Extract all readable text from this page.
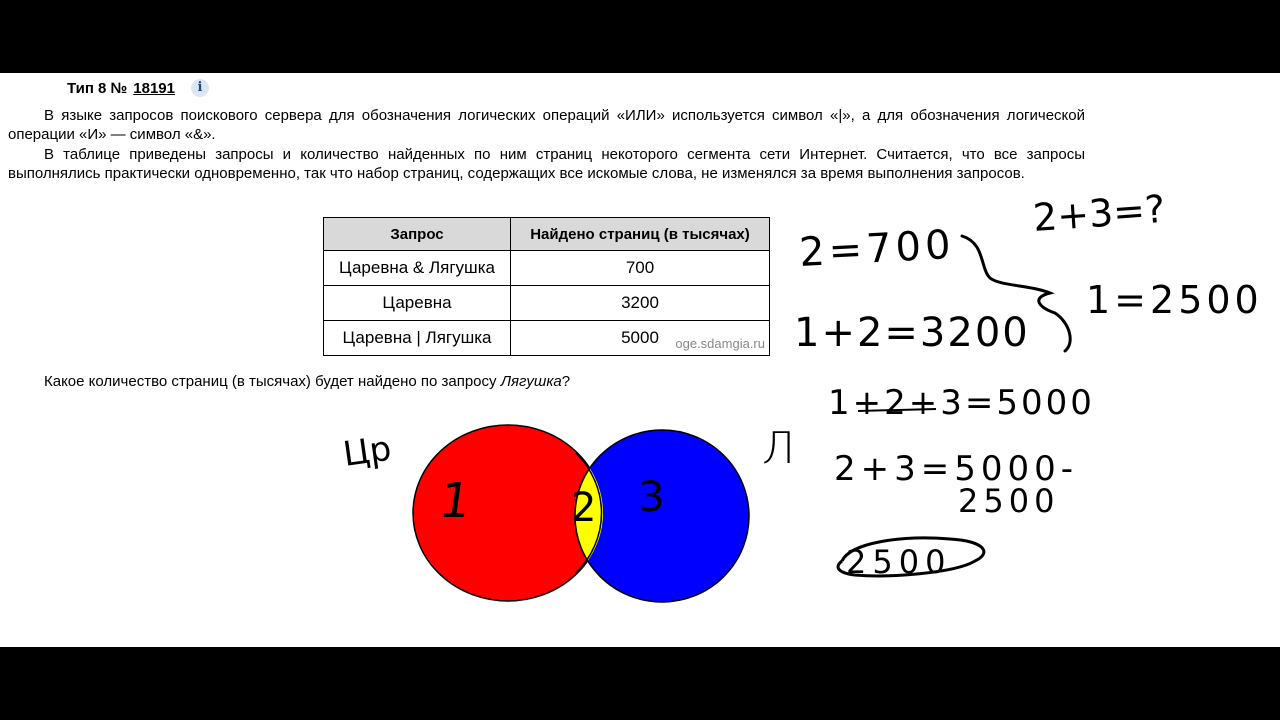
Тип 8 № 18191	i

В языке запросов поискового сервера для обозначения логических операций «ИЛИ» используется символ «|», а для обозначения логической операции «И» — символ «&».

В таблице приведены запросы и количество найденных по ним страниц некоторого сегмента сети Интернет. Считается, что все запросы выполнялись практически одновременно, так что набор страниц, содержащих все искомые слова, не изменялся за время выполнения запросов.

Запрос	Найдено страниц (в тысячах)
Царевна & Лягушка	700
Царевна	3200
Царевна | Лягушка	5000 oge.sdamgia.ru

Какое количество страниц (в тысячах) будет найдено по запросу Лягушка?

1 2 3
Цр	Л
2=700
1+2=3200
2+3=?
1=2500
1+2+3=5000
2+3=5000-
2500
2500
